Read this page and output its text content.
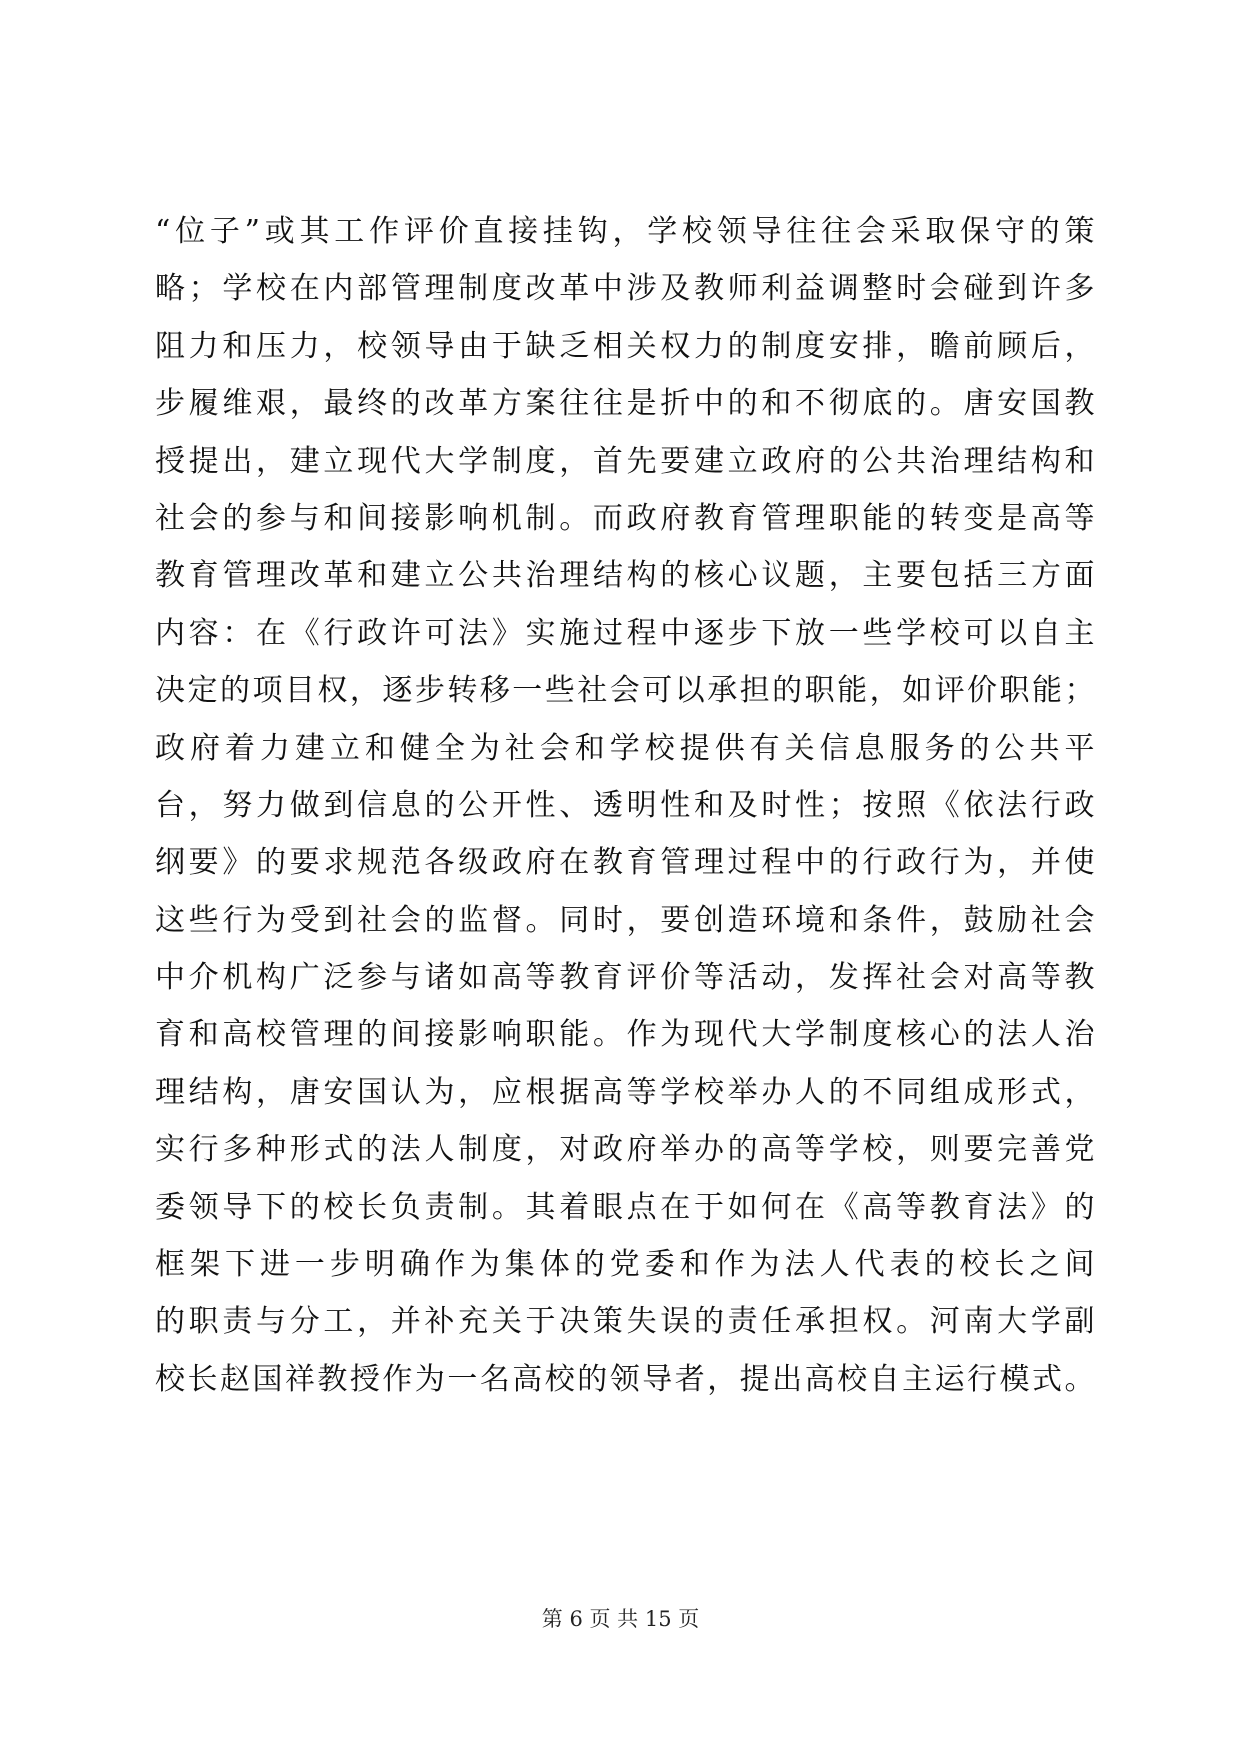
“位子”或其工作评价直接挂钩，学校领导往往会采取保守的策
略；学校在内部管理制度改革中涉及教师利益调整时会碰到许多
阻力和压力，校领导由于缺乏相关权力的制度安排，瞻前顾后，
步履维艰，最终的改革方案往往是折中的和不彻底的。唐安国教
授提出，建立现代大学制度，首先要建立政府的公共治理结构和
社会的参与和间接影响机制。而政府教育管理职能的转变是高等
教育管理改革和建立公共治理结构的核心议题，主要包括三方面
内容：在《行政许可法》实施过程中逐步下放一些学校可以自主
决定的项目权，逐步转移一些社会可以承担的职能，如评价职能；
政府着力建立和健全为社会和学校提供有关信息服务的公共平
台，努力做到信息的公开性、透明性和及时性；按照《依法行政
纲要》的要求规范各级政府在教育管理过程中的行政行为，并使
这些行为受到社会的监督。同时，要创造环境和条件，鼓励社会
中介机构广泛参与诸如高等教育评价等活动，发挥社会对高等教
育和高校管理的间接影响职能。作为现代大学制度核心的法人治
理结构，唐安国认为，应根据高等学校举办人的不同组成形式，
实行多种形式的法人制度，对政府举办的高等学校，则要完善党
委领导下的校长负责制。其着眼点在于如何在《高等教育法》的
框架下进一步明确作为集体的党委和作为法人代表的校长之间
的职责与分工，并补充关于决策失误的责任承担权。河南大学副
校长赵国祥教授作为一名高校的领导者，提出高校自主运行模式。
第 6 页 共 15 页
